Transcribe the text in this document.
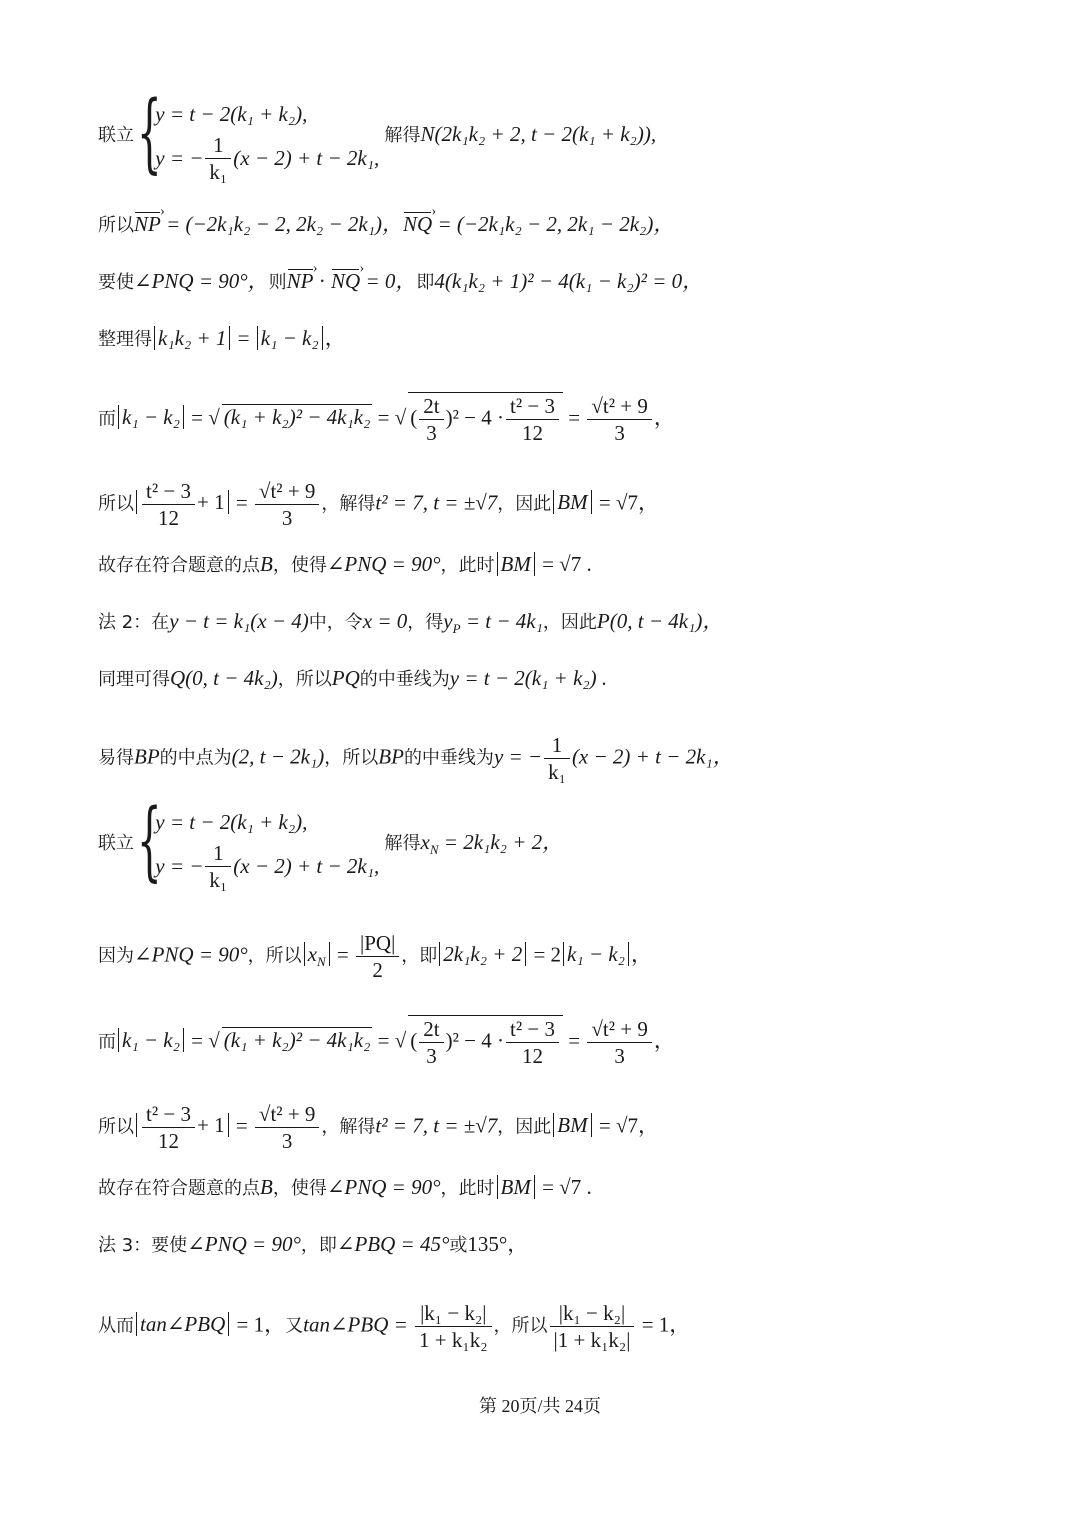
联立 {
y = t − 2(k₁ + k₂),
y = − $\frac{1}{\text{k₁}} (x - 2) + t - 2k_1$,
解得N(2k₁k₂ + 2, t − 2(k₁ + k₂)),
所以NP › = (−2k₁k₂ − 2, 2k₂ − 2k₁)，NQ › = (−2k₁k₂ − 2, 2k₁ − 2k₂)，
要使∠PNQ = 90°，则NP › · NQ › = 0，即4(k₁k₂ + 1)² − 4(k₁ − k₂)² = 0，
整理得 k₁k₂ + 1 = k₁ − k₂ ，
而 k₁ − k₂ = √ (k₁ + k₂)² − 4k₁k₂ = √ ( $\frac{2t}{3} )^2 - 4 \cdot \frac{\text{t² − 3}}{12} = \frac{\text{√t² + 9}}{3}$ ，
所以 $\frac{\text{t² − 3}}{12} + 1 = \frac{\text{√t² + 9}}{3}$ ，解得t² = 7, t = ±√7，因此 BM = √7，
故存在符合题意的点B，使得∠PNQ = 90°，此时 BM = √7 .
法 2：在y − t = k₁(x − 4)中，令x = 0，得$y_P = t - 4k_1$，因此P(0, t − 4k₁)，
同理可得Q(0, t − 4k₂)，所以PQ的中垂线为y = t − 2(k₁ + k₂) .
易得BP的中点为(2, t − 2k₁)，所以BP的中垂线为y = − $\frac{1}{\text{k₁}} (x - 2) + t - 2k_1$，
联立 {
y = t − 2(k₁ + k₂),
y = − $\frac{1}{\text{k₁}} (x - 2) + t - 2k_1$,
解得$x_N = 2k_1k_2 + 2$，
因为∠PNQ = 90°，所以 $x_N = \frac{|PQ|}{2}$ ，即 2k₁k₂ + 2 = 2 k₁ − k₂ ，
而 k₁ − k₂ = √ (k₁ + k₂)² − 4k₁k₂ = √ ( $\frac{2t}{3} )^2 - 4 \cdot \frac{\text{t² − 3}}{12} = \frac{\text{√t² + 9}}{3}$ ，
所以 $\frac{\text{t² − 3}}{12} + 1 = \frac{\text{√t² + 9}}{3}$ ，解得t² = 7, t = ±√7，因此 BM = √7，
故存在符合题意的点B，使得∠PNQ = 90°，此时 BM = √7 .
法 3：要使∠PNQ = 90°，即∠PBQ = 45°或135°，
从而 tan∠PBQ = 1，又tan∠PBQ = $\frac{\text{|k₁ − k₂|}}{\text{1 + k₁k₂}}$ ，所以 $\frac{\text{|k₁ − k₂|}}{\text{|1 + k₁k₂|}} = 1$，
第 20页/共 24页
